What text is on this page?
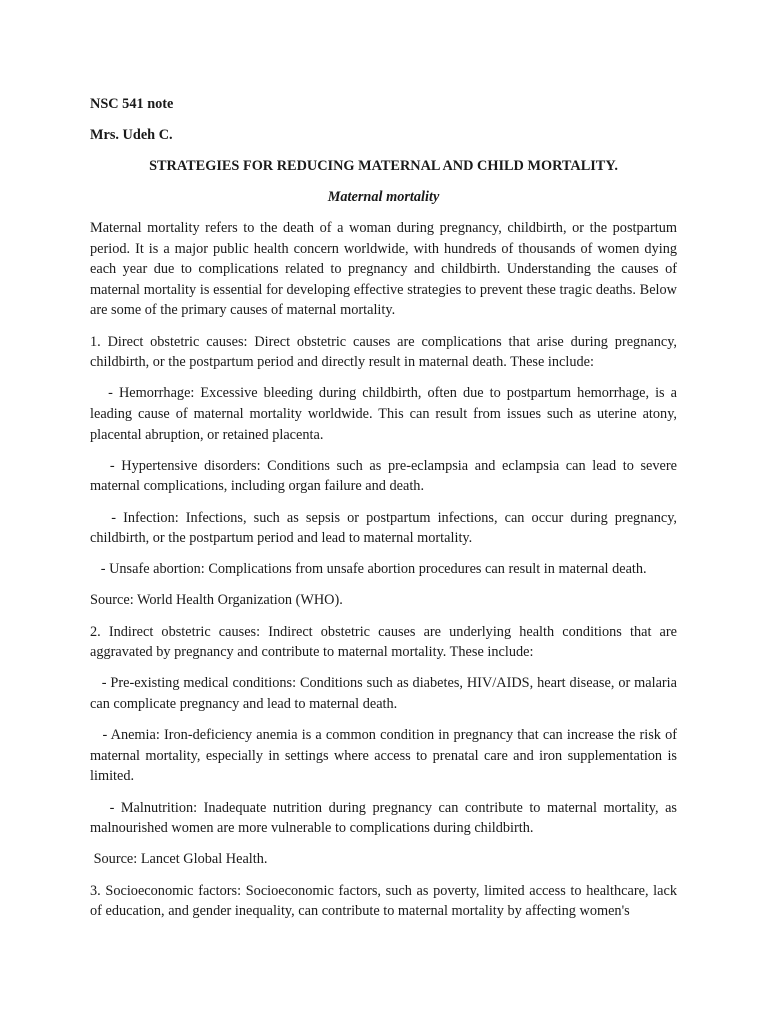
NSC 541 note

Mrs. Udeh C.

STRATEGIES FOR REDUCING MATERNAL AND CHILD MORTALITY.

Maternal mortality

Maternal mortality refers to the death of a woman during pregnancy, childbirth, or the postpartum period. It is a major public health concern worldwide, with hundreds of thousands of women dying each year due to complications related to pregnancy and childbirth. Understanding the causes of maternal mortality is essential for developing effective strategies to prevent these tragic deaths. Below are some of the primary causes of maternal mortality.

1. Direct obstetric causes: Direct obstetric causes are complications that arise during pregnancy, childbirth, or the postpartum period and directly result in maternal death. These include:

- Hemorrhage: Excessive bleeding during childbirth, often due to postpartum hemorrhage, is a leading cause of maternal mortality worldwide. This can result from issues such as uterine atony, placental abruption, or retained placenta.

- Hypertensive disorders: Conditions such as pre-eclampsia and eclampsia can lead to severe maternal complications, including organ failure and death.

- Infection: Infections, such as sepsis or postpartum infections, can occur during pregnancy, childbirth, or the postpartum period and lead to maternal mortality.

- Unsafe abortion: Complications from unsafe abortion procedures can result in maternal death.

Source: World Health Organization (WHO).

2. Indirect obstetric causes: Indirect obstetric causes are underlying health conditions that are aggravated by pregnancy and contribute to maternal mortality. These include:

- Pre-existing medical conditions: Conditions such as diabetes, HIV/AIDS, heart disease, or malaria can complicate pregnancy and lead to maternal death.

- Anemia: Iron-deficiency anemia is a common condition in pregnancy that can increase the risk of maternal mortality, especially in settings where access to prenatal care and iron supplementation is limited.

- Malnutrition: Inadequate nutrition during pregnancy can contribute to maternal mortality, as malnourished women are more vulnerable to complications during childbirth.

Source: Lancet Global Health.

3. Socioeconomic factors: Socioeconomic factors, such as poverty, limited access to healthcare, lack of education, and gender inequality, can contribute to maternal mortality by affecting women's
